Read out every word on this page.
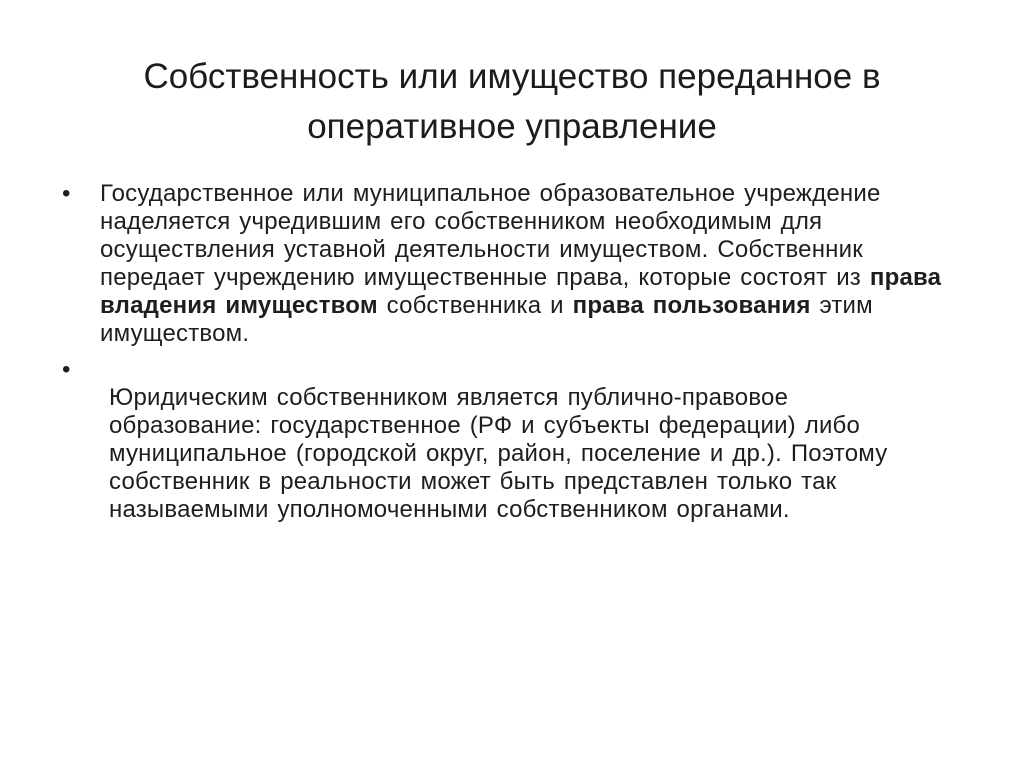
Собственность или имущество переданное в оперативное управление
•	Государственное или муниципальное образовательное учреждение наделяется учредившим его собственником необходимым для осуществления уставной деятельности имуществом. Собственник передает учреждению имущественные права, которые состоят из права владения имуществом собственника и права пользования этим имуществом.
•
Юридическим собственником является публично-правовое образование: государственное (РФ и субъекты федерации) либо муниципальное (городской округ, район, поселение и др.). Поэтому собственник в реальности может быть представлен только так называемыми уполномоченными собственником органами.
